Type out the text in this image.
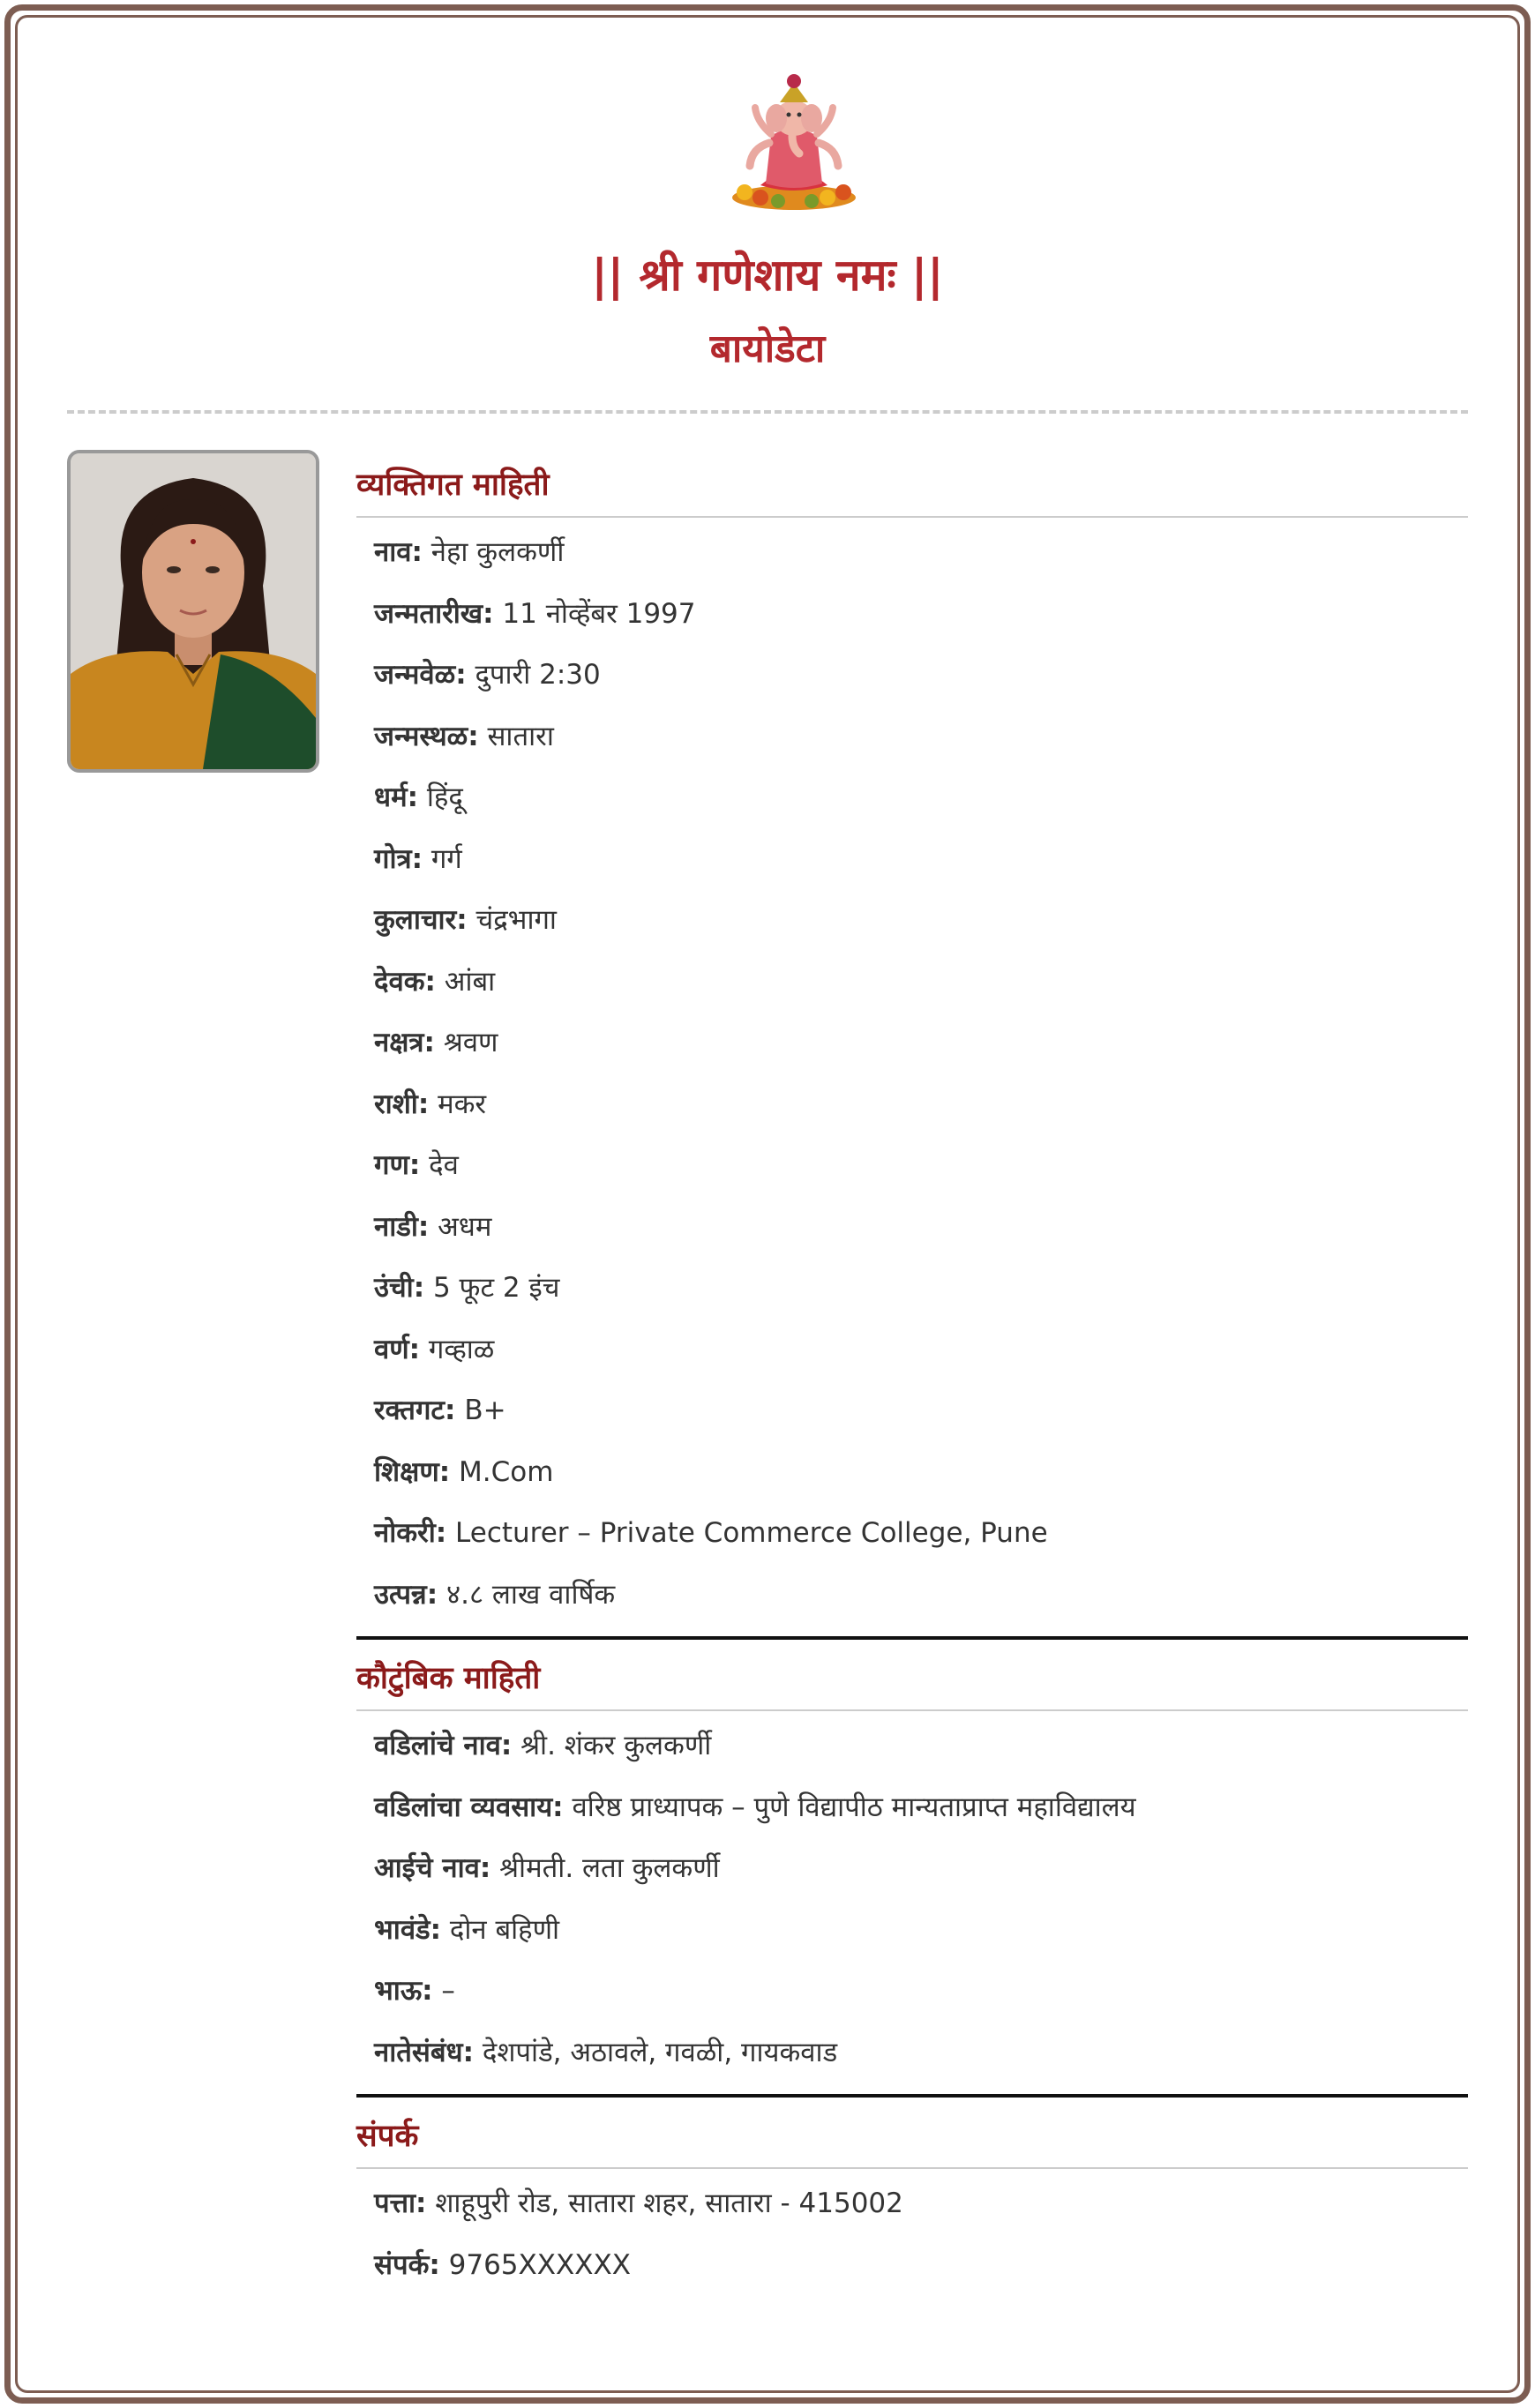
|| श्री गणेशाय नमः ||
बायोडेटा
व्यक्तिगत माहिती
नाव: नेहा कुलकर्णी
जन्मतारीख: 11 नोव्हेंबर 1997
जन्मवेळ: दुपारी 2:30
जन्मस्थळ: सातारा
धर्म: हिंदू
गोत्र: गर्ग
कुलाचार: चंद्रभागा
देवक: आंबा
नक्षत्र: श्रवण
राशी: मकर
गण: देव
नाडी: अधम
उंची: 5 फूट 2 इंच
वर्ण: गव्हाळ
रक्तगट: B+
शिक्षण: M.Com
नोकरी: Lecturer – Private Commerce College, Pune
उत्पन्न: ४.८ लाख वार्षिक
कौटुंबिक माहिती
वडिलांचे नाव: श्री. शंकर कुलकर्णी
वडिलांचा व्यवसाय: वरिष्ठ प्राध्यापक – पुणे विद्यापीठ मान्यताप्राप्त महाविद्यालय
आईचे नाव: श्रीमती. लता कुलकर्णी
भावंडे: दोन बहिणी
भाऊ: –
नातेसंबंध: देशपांडे, अठावले, गवळी, गायकवाड
संपर्क
पत्ता: शाहूपुरी रोड, सातारा शहर, सातारा - 415002
संपर्क: 9765XXXXXX
